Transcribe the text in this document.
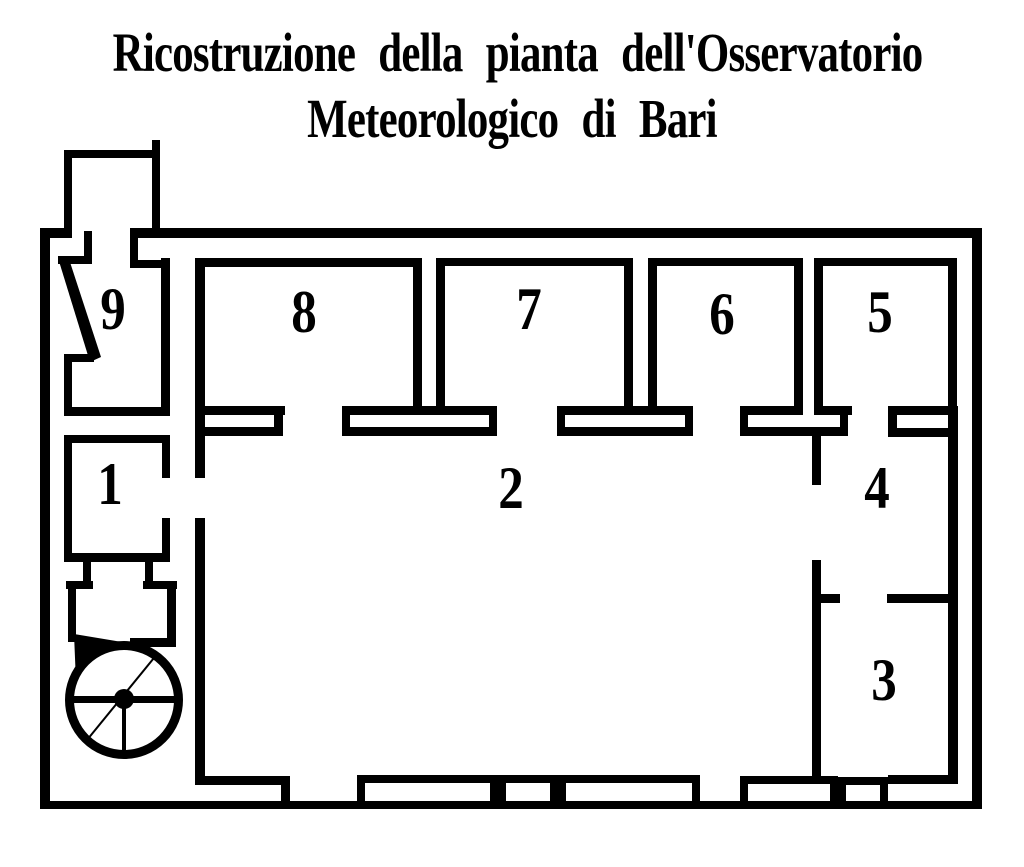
Ricostruzione della pianta dell'Osservatorio
Meteorologico di Bari
1	2
3
4
5
6
7
8
9
